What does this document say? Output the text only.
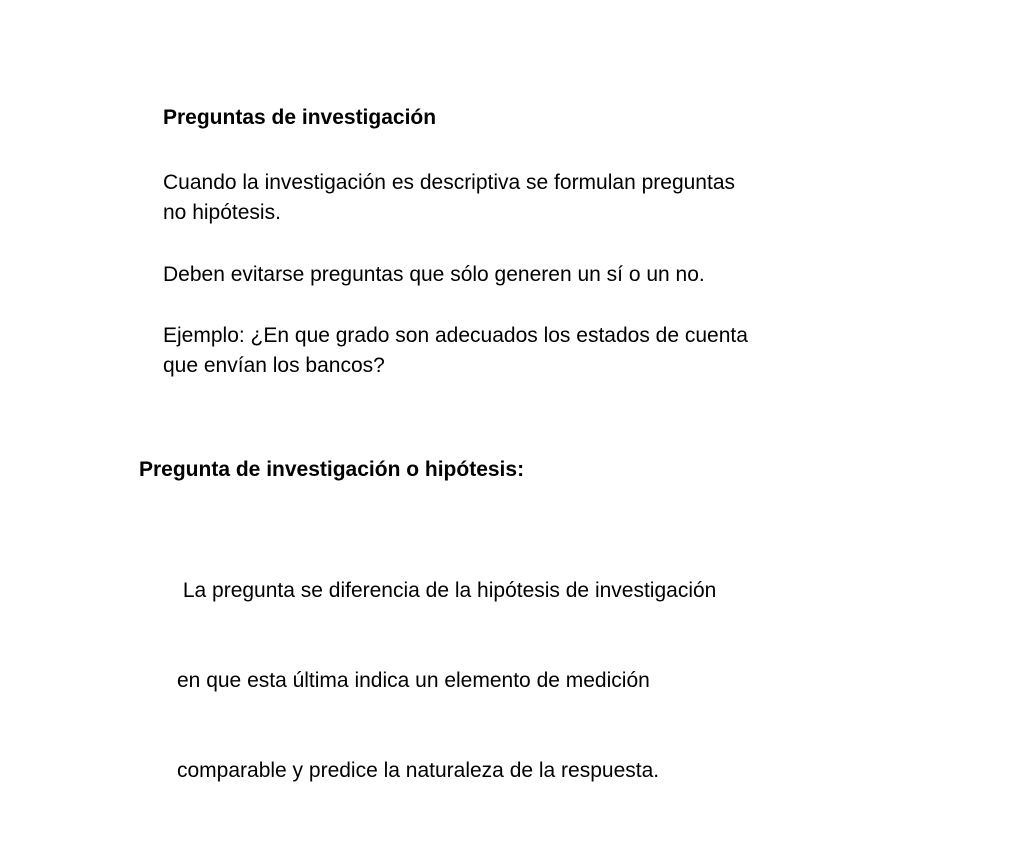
Preguntas de investigación
Cuando la investigación es descriptiva se formulan preguntas
no hipótesis.
Deben evitarse preguntas que sólo generen un sí o un no.
Ejemplo: ¿En que grado son adecuados los estados de cuenta
que envían los bancos?
Pregunta de investigación o hipótesis:

La pregunta se diferencia de la hipótesis de investigación

en que esta última indica un elemento de medición

comparable y predice la naturaleza de la respuesta.
